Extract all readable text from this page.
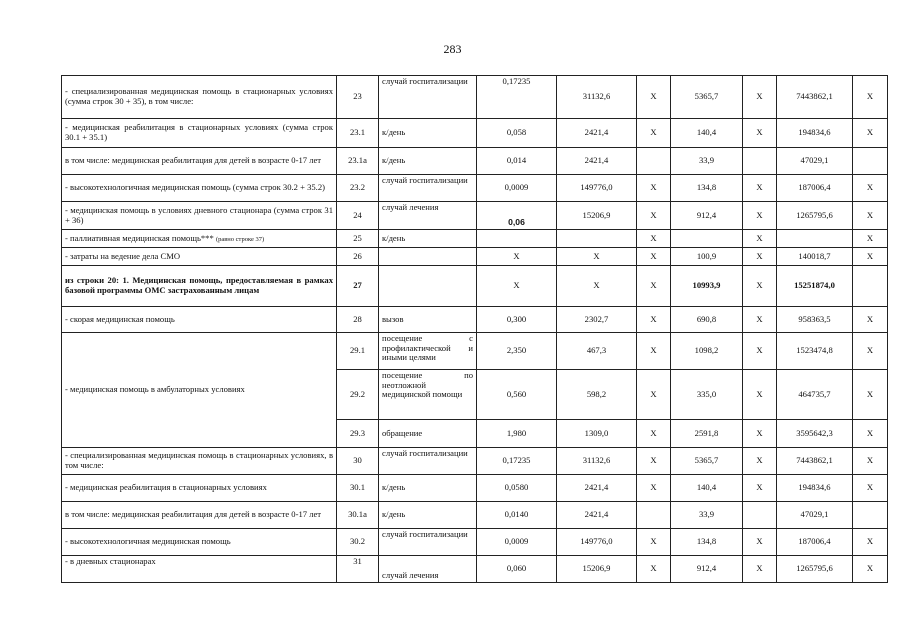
283
- специализированная медицинская помощь в стационарных условиях (сумма строк 30 + 35), в том числе:	23	случай госпитализации	0,17235	31132,6	X	5365,7	X	7443862,1	X
- медицинская реабилитация в стационарных условиях (сумма строк 30.1 + 35.1)	23.1	к/день	0,058	2421,4	X	140,4	X	194834,6	X
в том числе: медицинская реабилитация для детей в возрасте 0-17 лет	23.1а	к/день	0,014	2421,4		33,9		47029,1	
- высокотехнологичная медицинская помощь (сумма строк 30.2 + 35.2)	23.2	случай госпитализации	0,0009	149776,0	X	134,8	X	187006,4	X
- медицинская помощь в условиях дневного стационара (сумма строк 31 + 36)	24	случай лечения	0,06	15206,9	X	912,4	X	1265795,6	X
- паллиативная медицинская помощь*** (равно строке 37)	25	к/день			X		X		X
- затраты на ведение дела СМО	26		X	X	X	100,9	X	140018,7	X
из строки 20: 1. Медицинская помощь, предоставляемая в рамках базовой программы ОМС застрахованным лицам	27		X	X	X	10993,9	X	15251874,0	
- скорая медицинская помощь	28	вызов	0,300	2302,7	X	690,8	X	958363,5	X
- медицинская помощь в амбулаторных условиях	29.1	посещение с профилактической и иными целями	2,350	467,3	X	1098,2	X	1523474,8	X
	29.2	посещение по неотложной медицинской помощи	0,560	598,2	X	335,0	X	464735,7	X
	29.3	обращение	1,980	1309,0	X	2591,8	X	3595642,3	X
- специализированная медицинская помощь в стационарных условиях, в том числе:	30	случай госпитализации	0,17235	31132,6	X	5365,7	X	7443862,1	X
- медицинская реабилитация в стационарных условиях	30.1	к/день	0,0580	2421,4	X	140,4	X	194834,6	X
в том числе: медицинская реабилитация для детей в возрасте 0-17 лет	30.1а	к/день	0,0140	2421,4		33,9		47029,1	
- высокотехнологичная медицинская помощь	30.2	случай госпитализации	0,0009	149776,0	X	134,8	X	187006,4	X
- в дневных стационарах	31	случай лечения	0,060	15206,9	X	912,4	X	1265795,6	X
